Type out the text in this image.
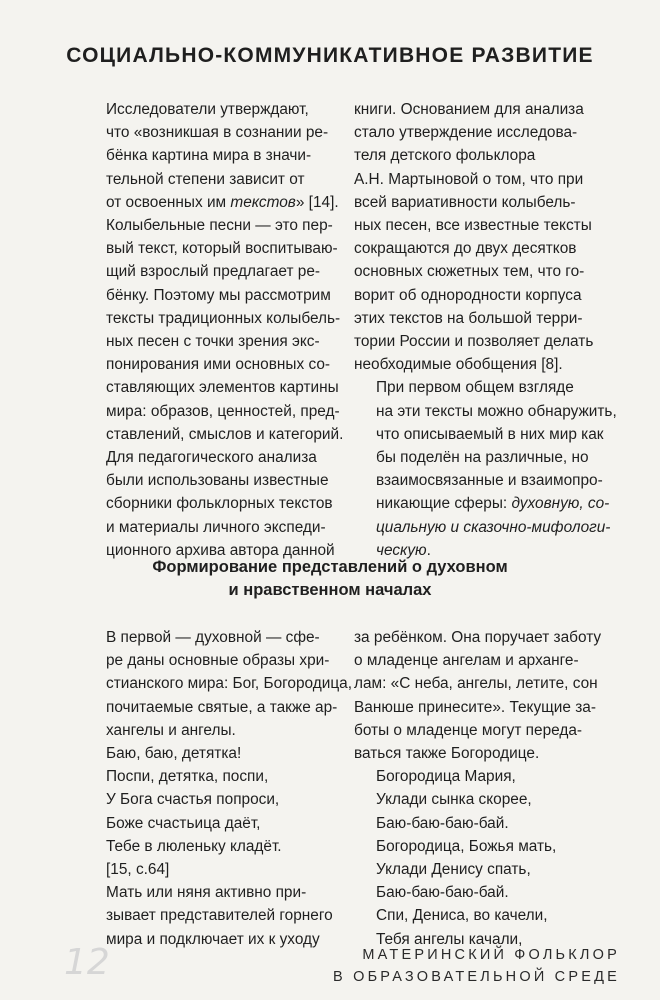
СОЦИАЛЬНО-КОММУНИКАТИВНОЕ РАЗВИТИЕ

Исследователи утверждают,
что «возникшая в сознании ре-
бёнка картина мира в значи-
тельной степени зависит от
от освоенных им текстов» [14].
Колыбельные песни — это пер-
вый текст, который воспитываю-
щий взрослый предлагает ре-
бёнку. Поэтому мы рассмотрим
тексты традиционных колыбель-
ных песен с точки зрения экс-
понирования ими основных со-
ставляющих элементов картины
мира: образов, ценностей, пред-
ставлений, смыслов и категорий.

Для педагогического анализа
были использованы известные
сборники фольклорных текстов
и материалы личного экспеди-
ционного архива автора данной

книги. Основанием для анализа
стало утверждение исследова-
теля детского фольклора
А.Н. Мартыновой о том, что при
всей вариативности колыбель-
ных песен, все известные тексты
сокращаются до двух десятков
основных сюжетных тем, что го-
ворит об однородности корпуса
этих текстов на большой терри-
тории России и позволяет делать
необходимые обобщения [8].

При первом общем взгляде
на эти тексты можно обнаружить,
что описываемый в них мир как
бы поделён на различные, но
взаимосвязанные и взаимопро-
никающие сферы: духовную, со-
циальную и сказочно-мифологи-
ческую.

Формирование представлений о духовном
и нравственном началах

В первой — духовной — сфе-
ре даны основные образы хри-
стианского мира: Бог, Богородица,
почитаемые святые, а также ар-
хангелы и ангелы.

Баю, баю, детятка!
Поспи, детятка, поспи,
У Бога счастья попроси,
Боже счастьица даёт,
Тебе в люленьку кладёт.
[15, с.64]

Мать или няня активно при-
зывает представителей горнего
мира и подключает их к уходу

за ребёнком. Она поручает заботу
о младенце ангелам и арханге-
лам: «С неба, ангелы, летите, сон
Ванюше принесите». Текущие за-
боты о младенце могут переда-
ваться также Богородице.

Богородица Мария,
Уклади сынка скорее,
Баю-баю-баю-бай.
Богородица, Божья мать,
Уклади Денису спать,
Баю-баю-баю-бай.
Спи, Дениса, во качели,
Тебя ангелы качали,
12	МАТЕРИНСКИЙ ФОЛЬКЛОР
В ОБРАЗОВАТЕЛЬНОЙ СРЕДЕ
